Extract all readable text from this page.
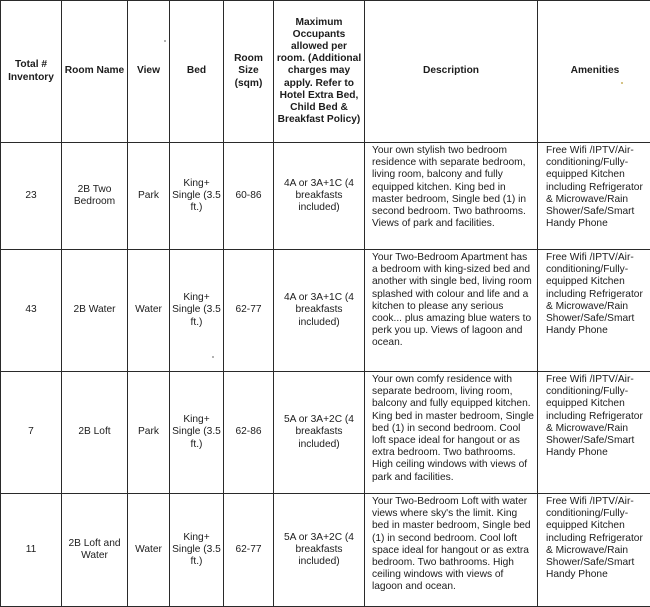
Total # Inventory	Room Name	View	Bed	Room Size (sqm)	Maximum Occupants allowed per room. (Additional charges may apply. Refer to Hotel Extra Bed, Child Bed & Breakfast Policy)	Description	Amenities
23	2B Two Bedroom	Park	King+ Single (3.5 ft.)	60-86	4A or 3A+1C (4 breakfasts included)	Your own stylish two bedroom residence with separate bedroom, living room, balcony and fully equipped kitchen. King bed in master bedroom, Single bed (1) in second bedroom. Two bathrooms. Views of park and facilities.	Free Wifi /IPTV/Air-conditioning/Fully-equipped Kitchen including Refrigerator & Microwave/Rain Shower/Safe/Smart Handy Phone
43	2B Water	Water	King+ Single (3.5 ft.)	62-77	4A or 3A+1C (4 breakfasts included)	Your Two-Bedroom Apartment has a bedroom with king-sized bed and another with single bed, living room splashed with colour and life and a kitchen to please any serious cook... plus amazing blue waters to perk you up. Views of lagoon and ocean.	Free Wifi /IPTV/Air-conditioning/Fully-equipped Kitchen including Refrigerator & Microwave/Rain Shower/Safe/Smart Handy Phone
7	2B Loft	Park	King+ Single (3.5 ft.)	62-86	5A or 3A+2C (4 breakfasts included)	Your own comfy residence with separate bedroom, living room, balcony and fully equipped kitchen. King bed in master bedroom, Single bed (1) in second bedroom. Cool loft space ideal for hangout or as extra bedroom. Two bathrooms. High ceiling windows with views of park and facilities.	Free Wifi /IPTV/Air-conditioning/Fully-equipped Kitchen including Refrigerator & Microwave/Rain Shower/Safe/Smart Handy Phone
11	2B Loft and Water	Water	King+ Single (3.5 ft.)	62-77	5A or 3A+2C (4 breakfasts included)	Your Two-Bedroom Loft with water views where sky's the limit. King bed in master bedroom, Single bed (1) in second bedroom. Cool loft space ideal for hangout or as extra bedroom. Two bathrooms. High ceiling windows with views of lagoon and ocean.	Free Wifi /IPTV/Air-conditioning/Fully-equipped Kitchen including Refrigerator & Microwave/Rain Shower/Safe/Smart Handy Phone
